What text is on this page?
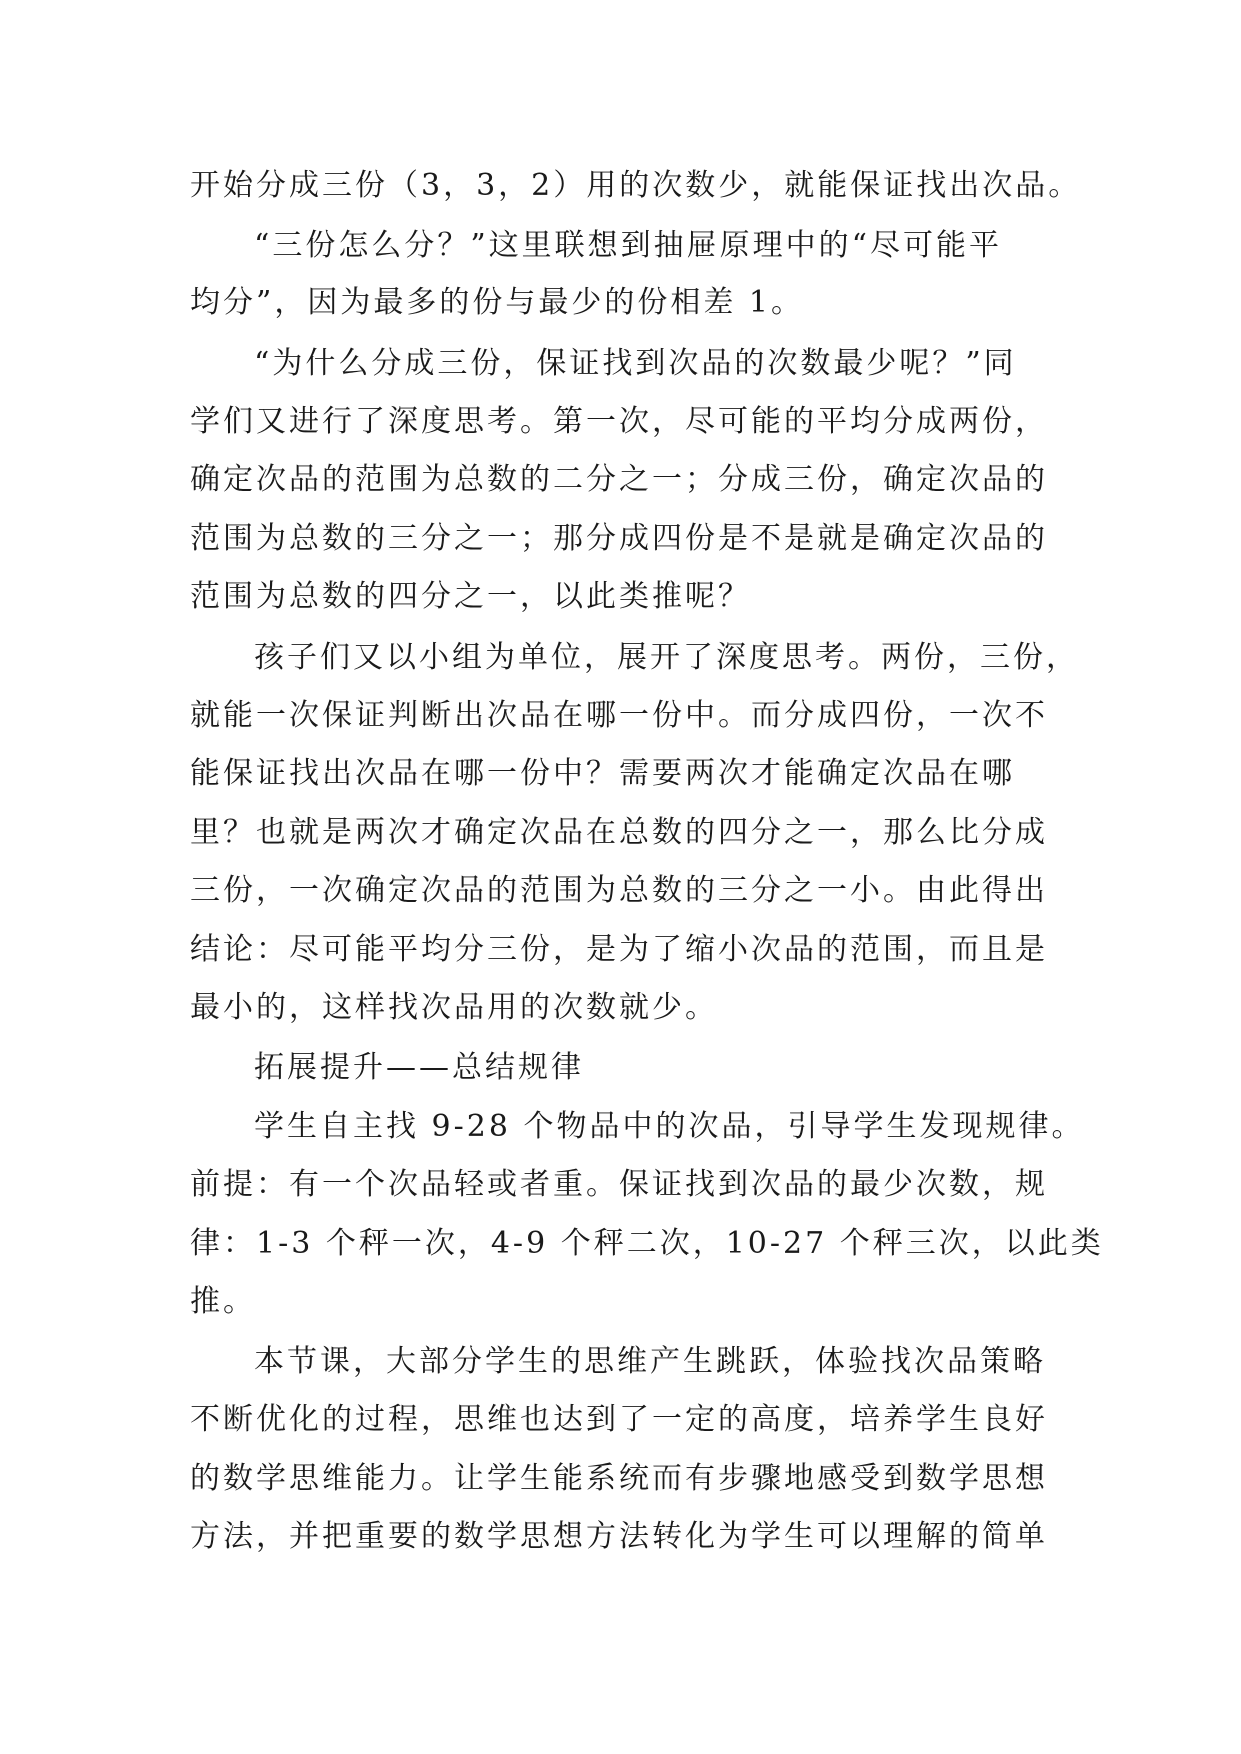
开始分成三份（3，3，2）用的次数少，就能保证找出次品。
“三份怎么分？”这里联想到抽屉原理中的“尽可能平
均分”，因为最多的份与最少的份相差 1。
“为什么分成三份，保证找到次品的次数最少呢？”同
学们又进行了深度思考。第一次，尽可能的平均分成两份，
确定次品的范围为总数的二分之一；分成三份，确定次品的
范围为总数的三分之一；那分成四份是不是就是确定次品的
范围为总数的四分之一，以此类推呢？
孩子们又以小组为单位，展开了深度思考。两份，三份，
就能一次保证判断出次品在哪一份中。而分成四份，一次不
能保证找出次品在哪一份中？需要两次才能确定次品在哪
里？也就是两次才确定次品在总数的四分之一，那么比分成
三份，一次确定次品的范围为总数的三分之一小。由此得出
结论：尽可能平均分三份，是为了缩小次品的范围，而且是
最小的，这样找次品用的次数就少。
拓展提升——总结规律
学生自主找 9-28 个物品中的次品，引导学生发现规律。
前提：有一个次品轻或者重。保证找到次品的最少次数，规
律：1-3 个秤一次，4-9 个秤二次，10-27 个秤三次，以此类
推。
本节课，大部分学生的思维产生跳跃，体验找次品策略
不断优化的过程，思维也达到了一定的高度，培养学生良好
的数学思维能力。让学生能系统而有步骤地感受到数学思想
方法，并把重要的数学思想方法转化为学生可以理解的简单
